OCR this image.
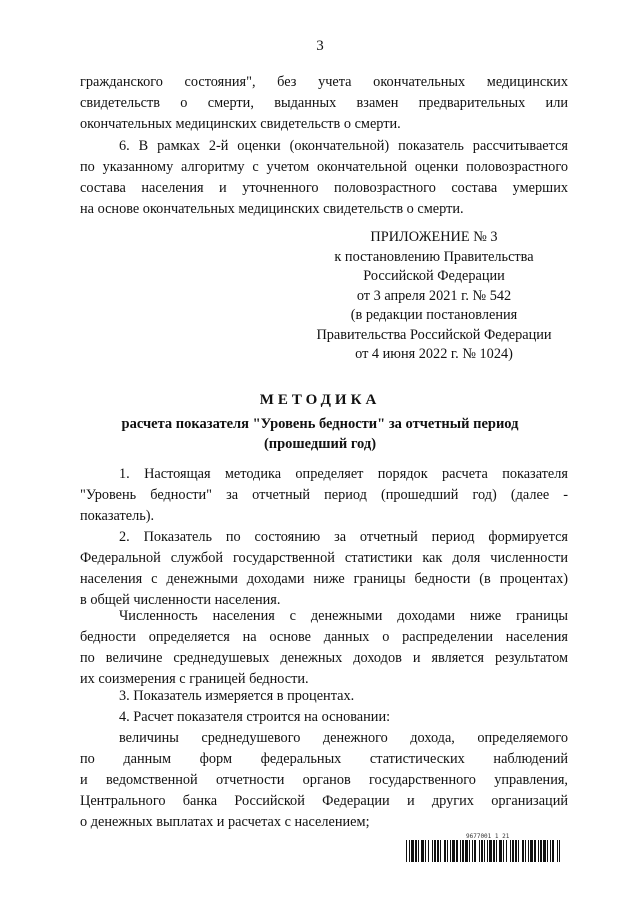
3
гражданского состояния", без учета окончательных медицинских
свидетельств о смерти, выданных взамен предварительных или
окончательных медицинских свидетельств о смерти.
6. В рамках 2-й оценки (окончательной) показатель рассчитывается
по указанному алгоритму с учетом окончательной оценки половозрастного
состава населения и уточненного половозрастного состава умерших
на основе окончательных медицинских свидетельств о смерти.
ПРИЛОЖЕНИЕ № 3
к постановлению Правительства
Российской Федерации
от 3 апреля 2021 г. № 542
(в редакции постановления
Правительства Российской Федерации
от 4 июня 2022 г. № 1024)
МЕТОДИКА
расчета показателя "Уровень бедности" за отчетный период
(прошедший год)
1. Настоящая методика определяет порядок расчета показателя
"Уровень бедности" за отчетный период (прошедший год) (далее -
показатель).
2. Показатель по состоянию за отчетный период формируется
Федеральной службой государственной статистики как доля численности
населения с денежными доходами ниже границы бедности (в процентах)
в общей численности населения.
Численность населения с денежными доходами ниже границы
бедности определяется на основе данных о распределении населения
по величине среднедушевых денежных доходов и является результатом
их соизмерения с границей бедности.
3. Показатель измеряется в процентах.
4. Расчет показателя строится на основании:
величины среднедушевого денежного дохода, определяемого
по данным форм федеральных статистических наблюдений
и ведомственной отчетности органов государственного управления,
Центрального банка Российской Федерации и других организаций
о денежных выплатах и расчетах с населением;
9677001 1 21
